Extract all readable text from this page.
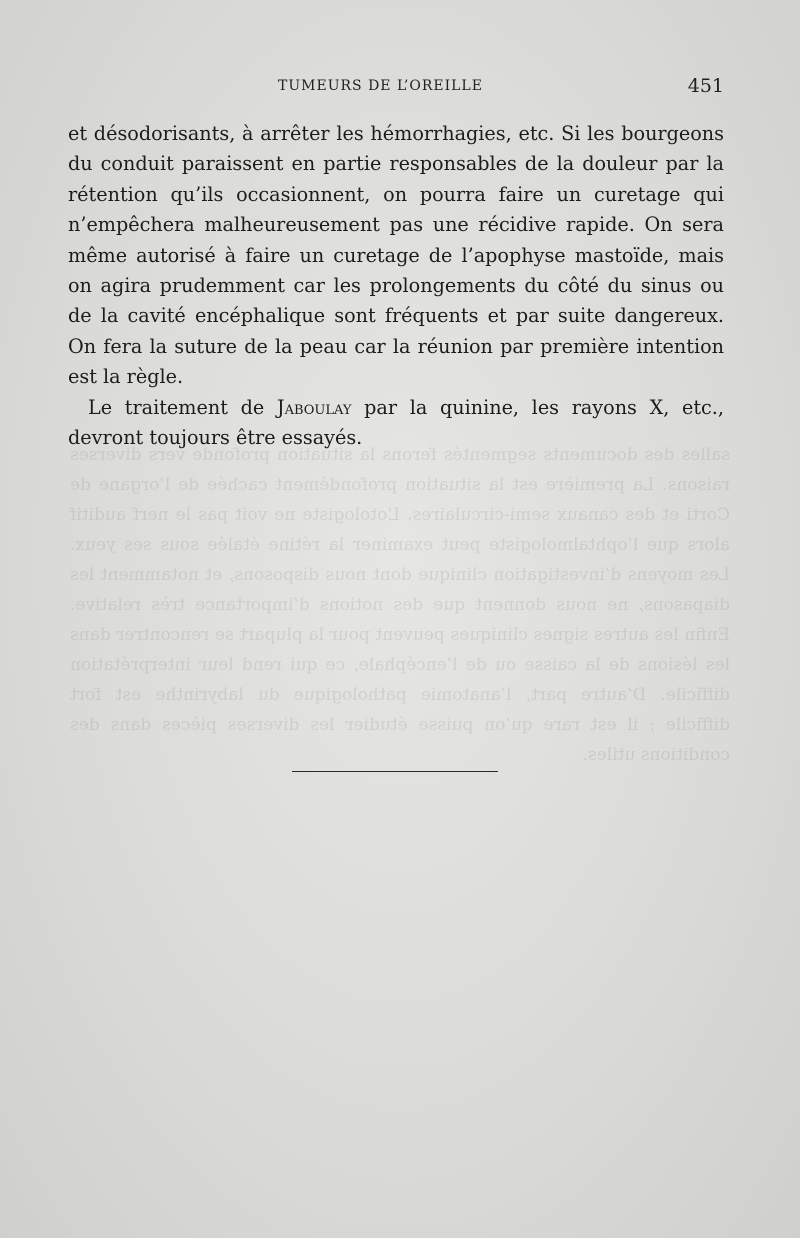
salles des documents segmentés ferons la situation profonde vers diverses raisons. La première est la situation profondément cachée de l’organe de Corti et des canaux semi-circulaires. L’otologiste ne voit pas le nerf auditif alors que l’ophtalmologiste peut examiner la rétine étalée sous ses yeux. Les moyens d’investigation clinique dont nous disposons, et notamment les diapasons, ne nous donnent que des notions d’importance très relative. Enfin les autres signes cliniques peuvent pour la plupart se rencontrer dans les lésions de la caisse ou de l’encéphale, ce qui rend leur interprétation difficile. D’autre part, l’anatomie pathologique du labyrinthe est fort difficile ; il est rare qu’on puisse étudier les diverses pièces dans des conditions utiles.
TUMEURS DE L’OREILLE	451

et désodorisants, à arrêter les hémorrhagies, etc. Si les bourgeons du conduit paraissent en partie responsables de la douleur par la rétention qu’ils occasionnent, on pourra faire un curetage qui n’empêchera malheureusement pas une récidive rapide. On sera même autorisé à faire un curetage de l’apophyse mastoïde, mais on agira prudemment car les prolongements du côté du sinus ou de la cavité encéphalique sont fréquents et par suite dangereux. On fera la suture de la peau car la réunion par première intention est la règle.

Le traitement de Jaboulay par la quinine, les rayons X, etc., devront toujours être essayés.
